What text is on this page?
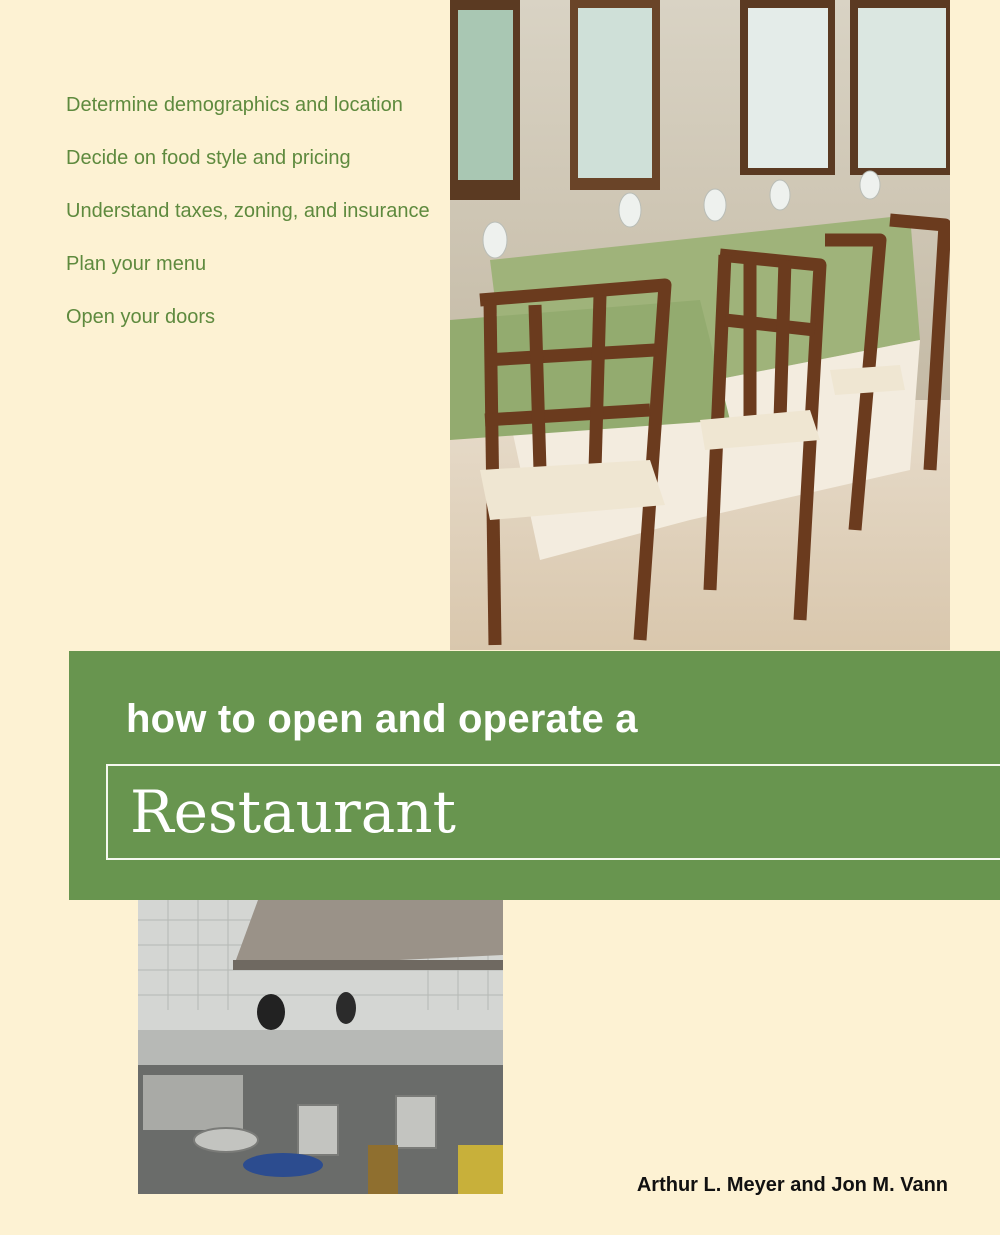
Determine demographics and location
Decide on food style and pricing
Understand taxes, zoning, and insurance
Plan your menu
Open your doors
how to open and operate a
Restaurant
Arthur L. Meyer and Jon M. Vann
